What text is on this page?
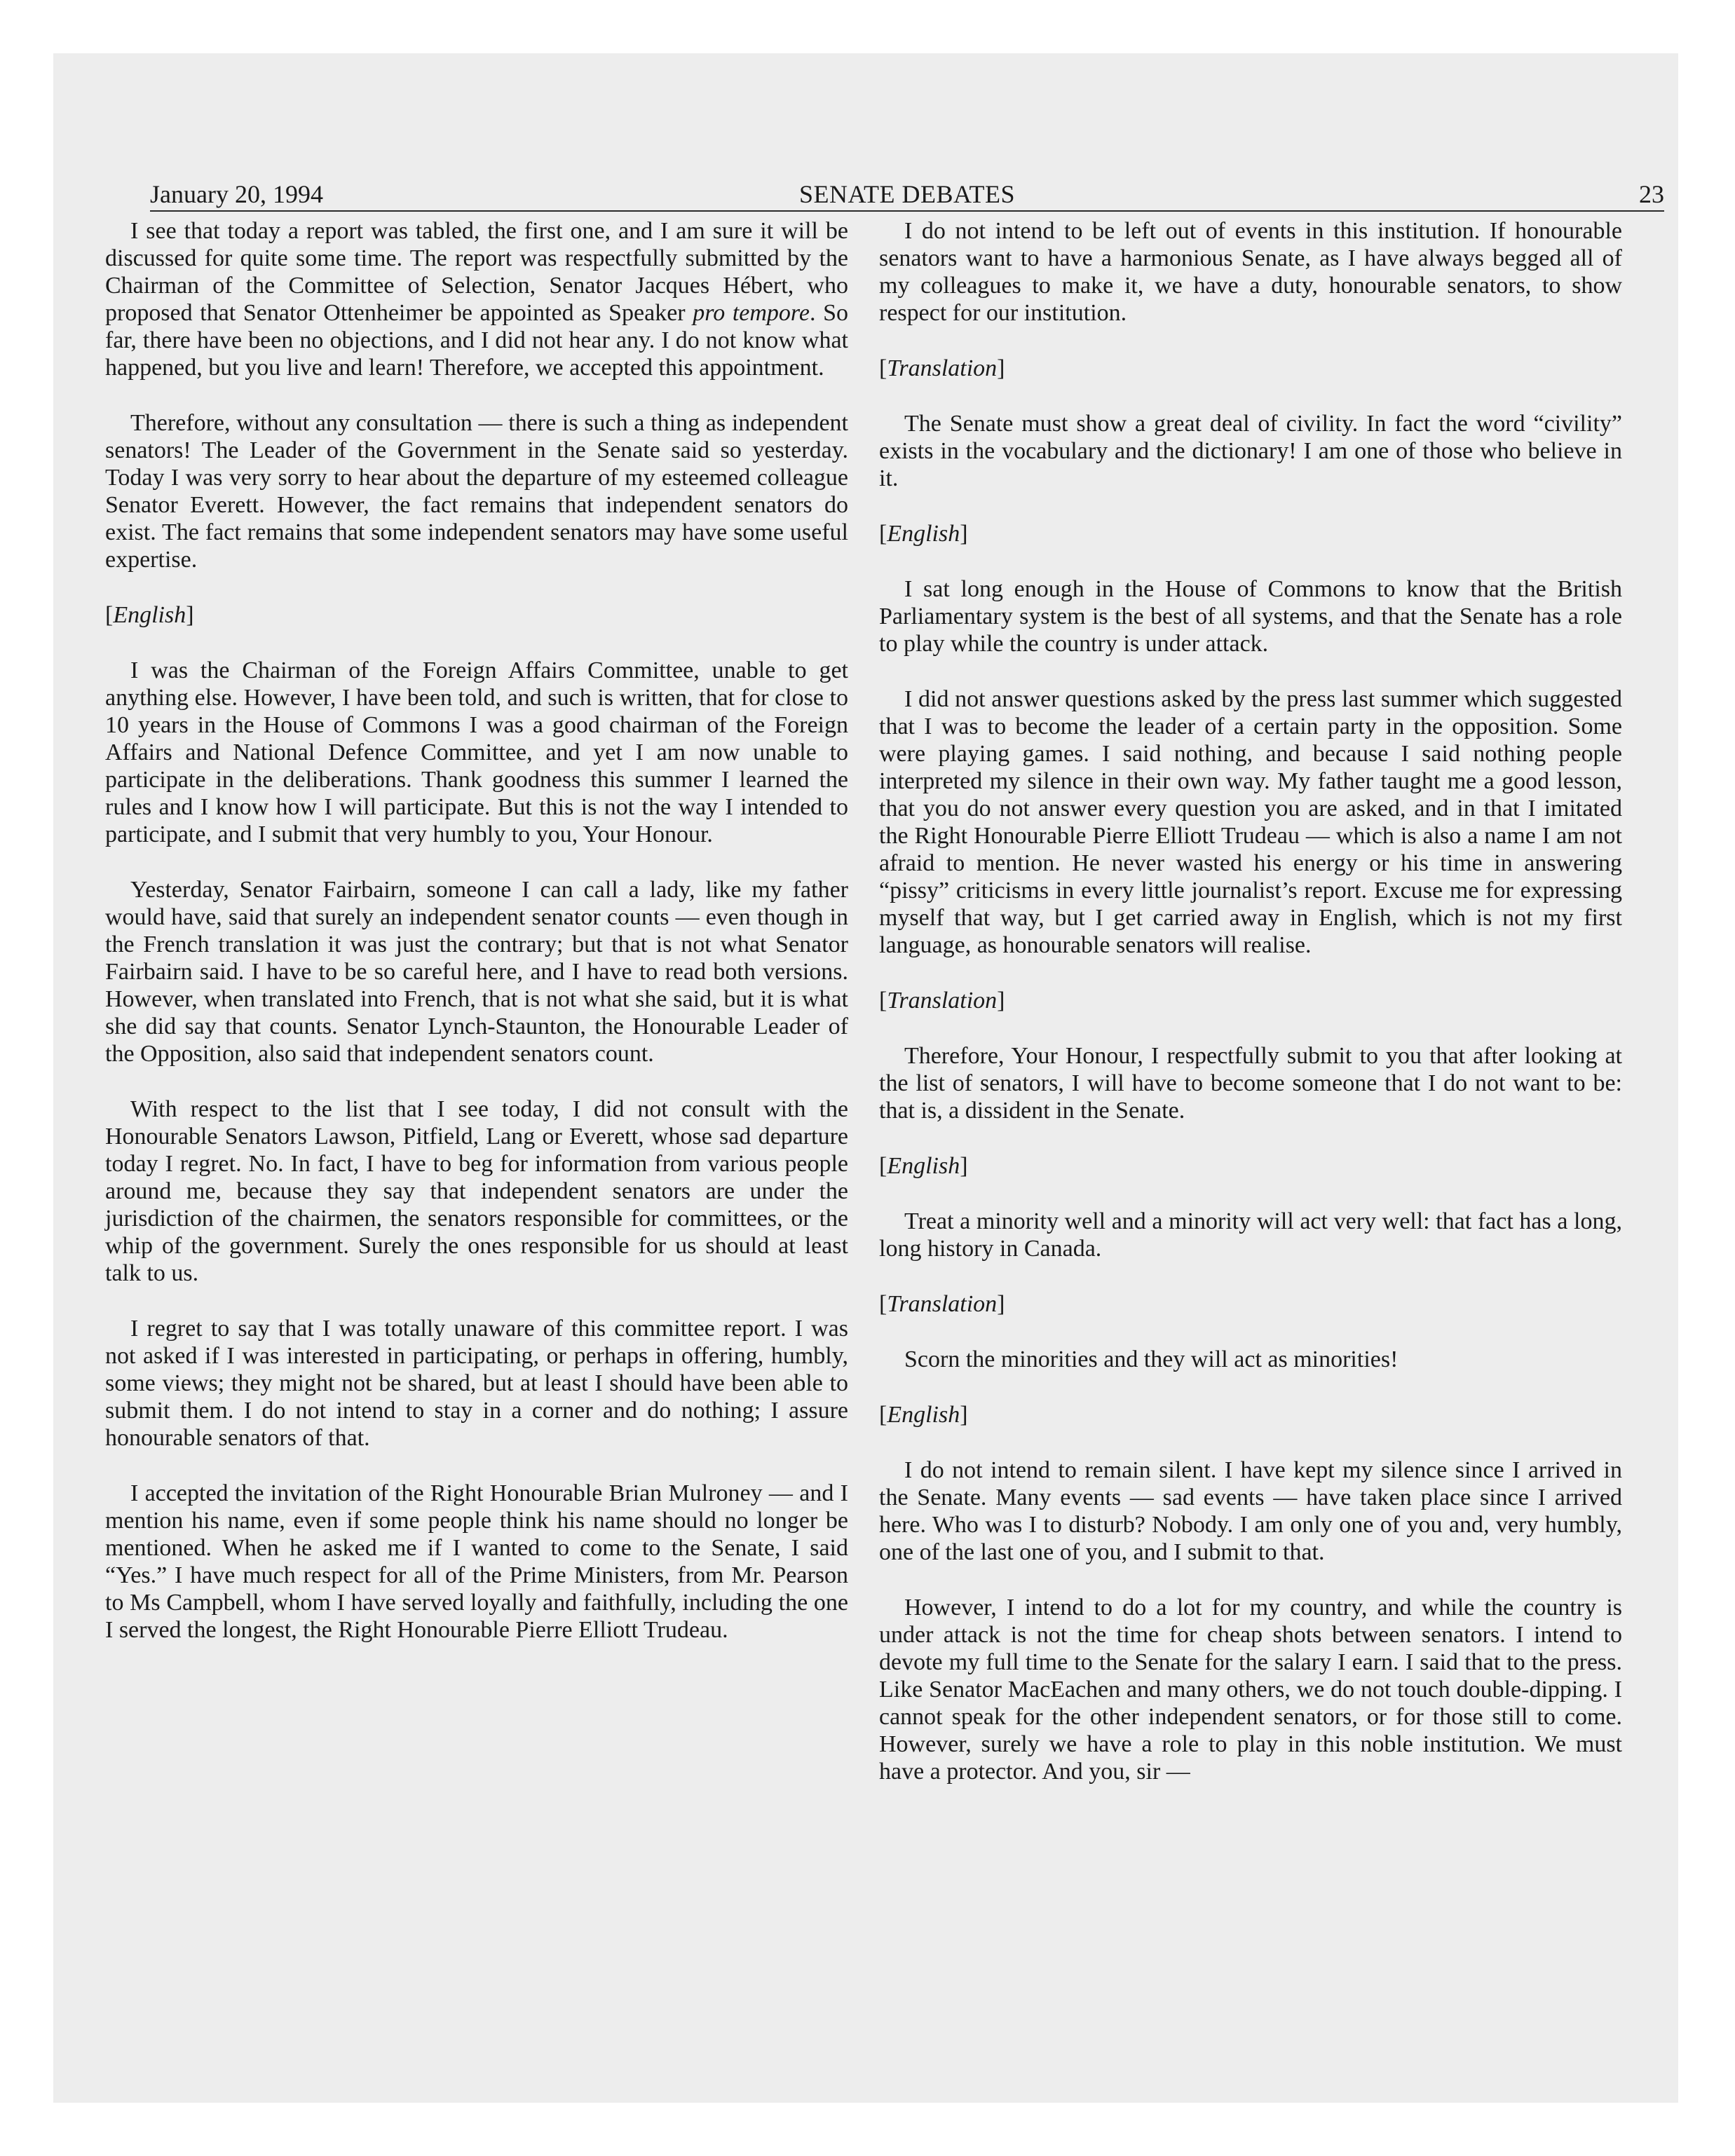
January 20, 1994	SENATE DEBATES	23

I see that today a report was tabled, the first one, and I am sure it will be discussed for quite some time. The report was respectfully submitted by the Chairman of the Committee of Selection, Senator Jacques Hébert, who proposed that Senator Ottenheimer be appointed as Speaker pro tempore. So far, there have been no objections, and I did not hear any. I do not know what happened, but you live and learn! Therefore, we accepted this appointment.

Therefore, without any consultation — there is such a thing as independent senators! The Leader of the Government in the Senate said so yesterday. Today I was very sorry to hear about the departure of my esteemed colleague Senator Everett. However, the fact remains that independent senators do exist. The fact remains that some independent senators may have some useful expertise.

[English]

I was the Chairman of the Foreign Affairs Committee, unable to get anything else. However, I have been told, and such is written, that for close to 10 years in the House of Commons I was a good chairman of the Foreign Affairs and National Defence Committee, and yet I am now unable to participate in the deliberations. Thank goodness this summer I learned the rules and I know how I will participate. But this is not the way I intended to participate, and I submit that very humbly to you, Your Honour.

Yesterday, Senator Fairbairn, someone I can call a lady, like my father would have, said that surely an independent senator counts — even though in the French translation it was just the contrary; but that is not what Senator Fairbairn said. I have to be so careful here, and I have to read both versions. However, when translated into French, that is not what she said, but it is what she did say that counts. Senator Lynch-Staunton, the Honourable Leader of the Opposition, also said that independent senators count.

With respect to the list that I see today, I did not consult with the Honourable Senators Lawson, Pitfield, Lang or Everett, whose sad departure today I regret. No. In fact, I have to beg for information from various people around me, because they say that independent senators are under the jurisdiction of the chairmen, the senators responsible for committees, or the whip of the government. Surely the ones responsible for us should at least talk to us.

I regret to say that I was totally unaware of this committee report. I was not asked if I was interested in participating, or perhaps in offering, humbly, some views; they might not be shared, but at least I should have been able to submit them. I do not intend to stay in a corner and do nothing; I assure honourable senators of that.

I accepted the invitation of the Right Honourable Brian Mulroney — and I mention his name, even if some people think his name should no longer be mentioned. When he asked me if I wanted to come to the Senate, I said “Yes.” I have much respect for all of the Prime Ministers, from Mr. Pearson to Ms Campbell, whom I have served loyally and faithfully, including the one I served the longest, the Right Honourable Pierre Elliott Trudeau.

I do not intend to be left out of events in this institution. If honourable senators want to have a harmonious Senate, as I have always begged all of my colleagues to make it, we have a duty, honourable senators, to show respect for our institution.

[Translation]

The Senate must show a great deal of civility. In fact the word “civility” exists in the vocabulary and the dictionary! I am one of those who believe in it.

[English]

I sat long enough in the House of Commons to know that the British Parliamentary system is the best of all systems, and that the Senate has a role to play while the country is under attack.

I did not answer questions asked by the press last summer which suggested that I was to become the leader of a certain party in the opposition. Some were playing games. I said nothing, and because I said nothing people interpreted my silence in their own way. My father taught me a good lesson, that you do not answer every question you are asked, and in that I imitated the Right Honourable Pierre Elliott Trudeau — which is also a name I am not afraid to mention. He never wasted his energy or his time in answering “pissy” criticisms in every little journalist’s report. Excuse me for expressing myself that way, but I get carried away in English, which is not my first language, as honourable senators will realise.

[Translation]

Therefore, Your Honour, I respectfully submit to you that after looking at the list of senators, I will have to become someone that I do not want to be: that is, a dissident in the Senate.

[English]

Treat a minority well and a minority will act very well: that fact has a long, long history in Canada.

[Translation]

Scorn the minorities and they will act as minorities!

[English]

I do not intend to remain silent. I have kept my silence since I arrived in the Senate. Many events — sad events — have taken place since I arrived here. Who was I to disturb? Nobody. I am only one of you and, very humbly, one of the last one of you, and I submit to that.

However, I intend to do a lot for my country, and while the country is under attack is not the time for cheap shots between senators. I intend to devote my full time to the Senate for the salary I earn. I said that to the press. Like Senator MacEachen and many others, we do not touch double-dipping. I cannot speak for the other independent senators, or for those still to come. However, surely we have a role to play in this noble institution. We must have a protector. And you, sir —
